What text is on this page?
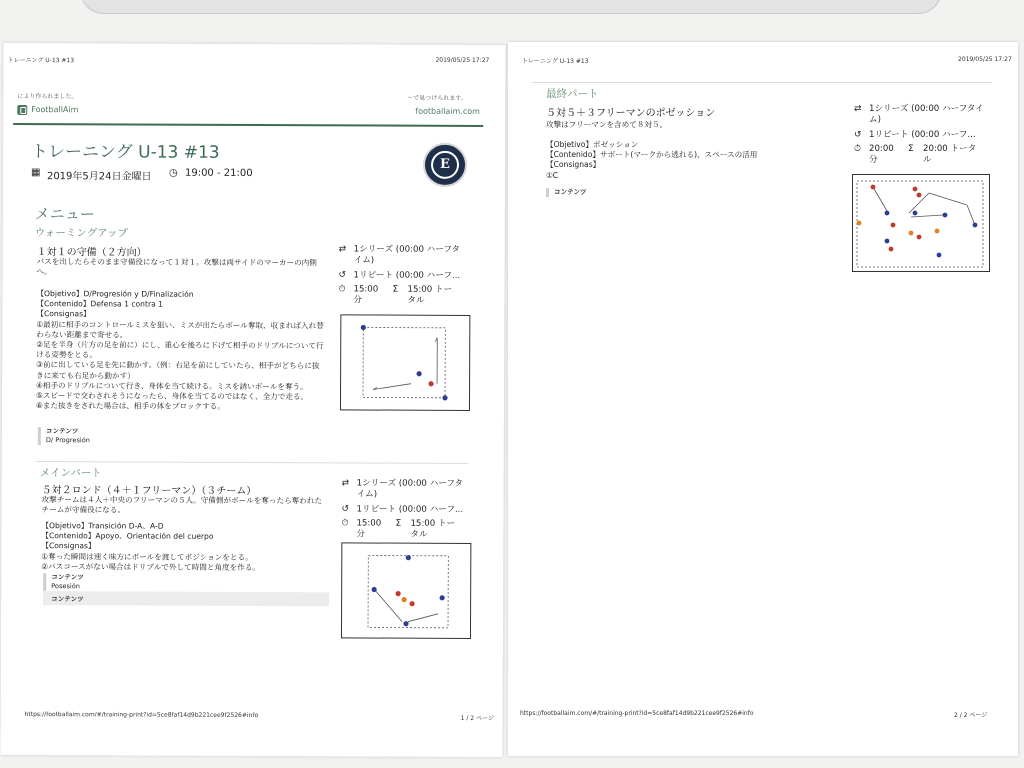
トレーニング U-13 #13	2019/05/25 17:27
により作られました。	〜で見つけられます。
FootballAim	footballaim.com
トレーニング U-13 #13
E
▦ 2019年5月24日金曜日 ◷ 19:00 - 21:00
メニュー
ウォーミングアップ
１対１の守備（２方向）
パスを出したらそのまま守備役になって１対１。攻撃は両サイドのマーカーの内側へ。
【Objetivo】D/Progresión y D/Finalización
【Contenido】Defensa 1 contra 1
【Consignas】
①最初に相手のコントロールミスを狙い、ミスが出たらボール奪取、収まれば入れ替わらない距離まで寄せる。
②足を半身（片方の足を前に）にし、重心を後ろに下げて相手のドリブルについて行ける姿勢をとる。
③前に出している足を先に動かす。（例：右足を前にしていたら、相手がどちらに抜きに来ても右足から動かす）
④相手のドリブルについて行き、身体を当て続ける。ミスを誘いボールを奪う。
⑤スピードで交わされそうになったら、身体を当てるのではなく、全力で走る。
⑥また抜きをされた場合は、相手の体をブロックする。
コンテンツ
D/ Progresión
⇄ 1シリーズ (00:00 ハーフタイム)
↺ 1リピート (00:00 ハーフ...
⏱ 15:00 分
Σ 15:00 トータル
メインパート
５対２ロンド（４＋１フリーマン）（３チーム）
攻撃チームは４人＋中央のフリーマンの５人。守備側がボールを奪ったら奪われたチームが守備役になる。
【Objetivo】Transición D-A、A-D
【Contenido】Apoyo、Orientación del cuerpo
【Consignas】
①奪った瞬間は速く味方にボールを渡してポジションをとる。
②パスコースがない場合はドリブルで外して時間と角度を作る。
コンテンツ
Posesión
コンテンツ
⇄ 1シリーズ (00:00 ハーフタイム)
↺ 1リピート (00:00 ハーフ...
⏱ 15:00 分
Σ 15:00 トータル
https://footballaim.com/#/training-print?id=5ce8faf14d9b221cee9f2526#info	1 / 2 ページ
トレーニング U-13 #13	2019/05/25 17:27
最終パート
５対５＋３フリーマンのポゼッション
攻撃はフリーマンを含めて８対５。
【Objetivo】ポゼッション
【Contenido】サポート(マークから逃れる)、スペースの活用
【Consignas】
①C
コンテンツ
⇄ 1シリーズ (00:00 ハーフタイム)
↺ 1リピート (00:00 ハーフ...
⏱ 20:00 分
Σ 20:00 トータル
https://footballaim.com/#/training-print?id=5ce8faf14d9b221cee9f2526#info	2 / 2 ページ
